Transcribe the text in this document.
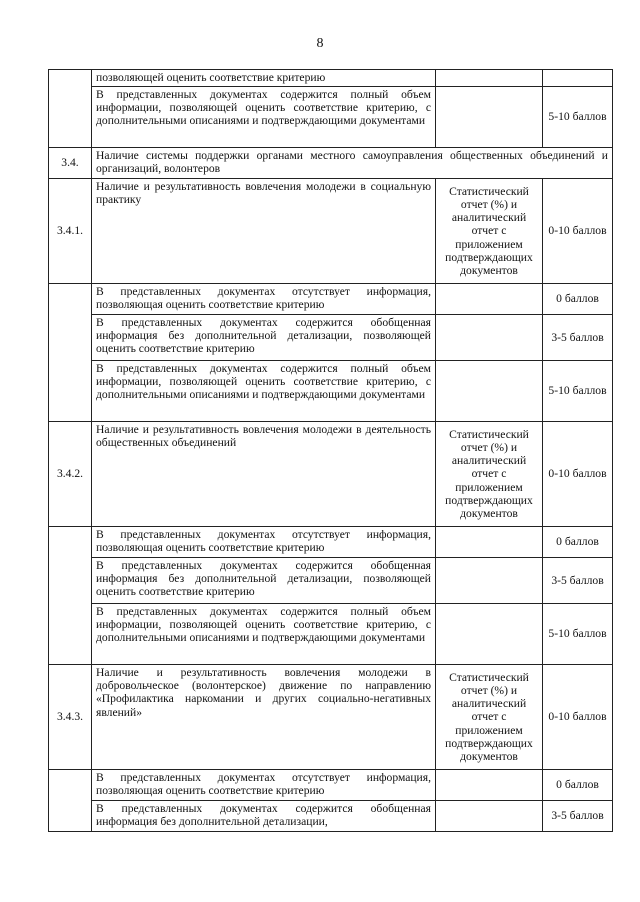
8
	позволяющей оценить соответствие критерию		
	В представленных документах содержится полный объем информации, позволяющей оценить соответствие критерию, с дополнительными описаниями и подтверждающими документами		5-10 баллов
3.4.	Наличие системы поддержки органами местного самоуправления общественных объединений и организаций, волонтеров		
3.4.1.	Наличие и результативность вовлечения молодежи в социальную практику	Статистический отчет (%) и аналитический отчет с приложением подтверждающих документов	0-10 баллов
	В представленных документах отсутствует информация, позволяющая оценить соответствие критерию		0 баллов
	В представленных документах содержится обобщенная информация без дополнительной детализации, позволяющей оценить соответствие критерию		3-5 баллов
	В представленных документах содержится полный объем информации, позволяющей оценить соответствие критерию, с дополнительными описаниями и подтверждающими документами		5-10 баллов
3.4.2.	Наличие и результативность вовлечения молодежи в деятельность общественных объединений	Статистический отчет (%) и аналитический отчет с приложением подтверждающих документов	0-10 баллов
	В представленных документах отсутствует информация, позволяющая оценить соответствие критерию		0 баллов
	В представленных документах содержится обобщенная информация без дополнительной детализации, позволяющей оценить соответствие критерию		3-5 баллов
	В представленных документах содержится полный объем информации, позволяющей оценить соответствие критерию, с дополнительными описаниями и подтверждающими документами		5-10 баллов
3.4.3.	Наличие и результативность вовлечения молодежи в добровольческое (волонтерское) движение по направлению «Профилактика наркомании и других социально-негативных явлений»	Статистический отчет (%) и аналитический отчет с приложением подтверждающих документов	0-10 баллов
	В представленных документах отсутствует информация, позволяющая оценить соответствие критерию		0 баллов
	В представленных документах содержится обобщенная информация без дополнительной детализации,		3-5 баллов
